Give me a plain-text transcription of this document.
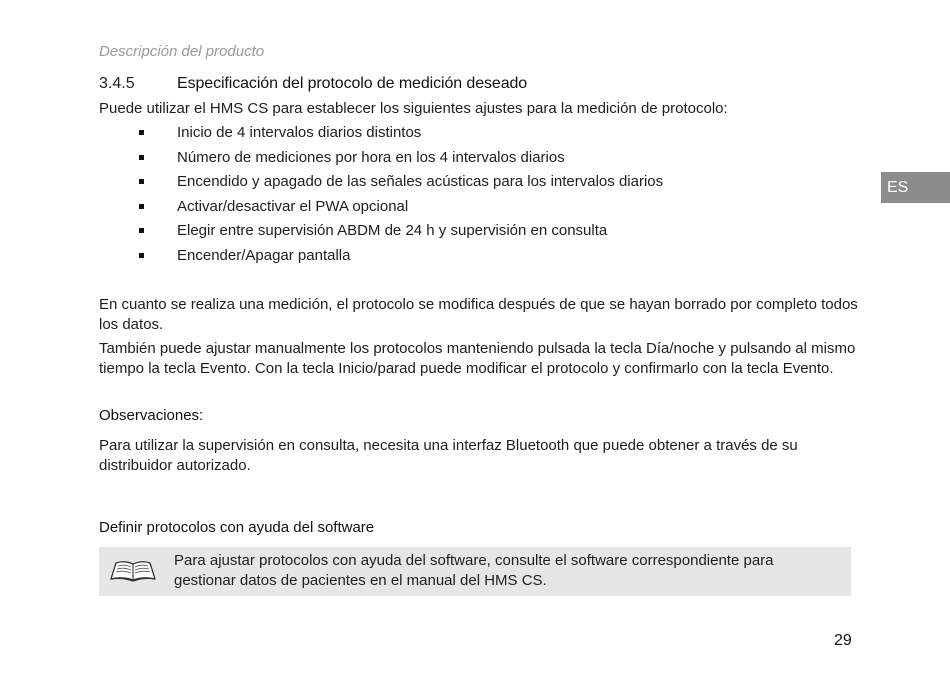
Descripción del producto
3.4.5	Especificación del protocolo de medición deseado
Puede utilizar el HMS CS para establecer los siguientes ajustes para la medición de protocolo:
Inicio de 4 intervalos diarios distintos
Número de mediciones por hora en los 4 intervalos diarios
Encendido y apagado de las señales acústicas para los intervalos diarios
Activar/desactivar el PWA opcional
Elegir entre supervisión ABDM de 24 h y supervisión en consulta
Encender/Apagar pantalla
En cuanto se realiza una medición, el protocolo se modifica después de que se hayan borrado por completo todos los datos.
También puede ajustar manualmente los protocolos manteniendo pulsada la tecla Día/noche y pulsando al mismo tiempo la tecla Evento. Con la tecla Inicio/parad puede modificar el protocolo y confirmarlo con la tecla Evento.
Observaciones:
Para utilizar la supervisión en consulta, necesita una interfaz Bluetooth que puede obtener a través de su distribuidor autorizado.
Definir protocolos con ayuda del software
Para ajustar protocolos con ayuda del software, consulte el software correspondiente para gestionar datos de pacientes en el manual del HMS CS.
29
ES
